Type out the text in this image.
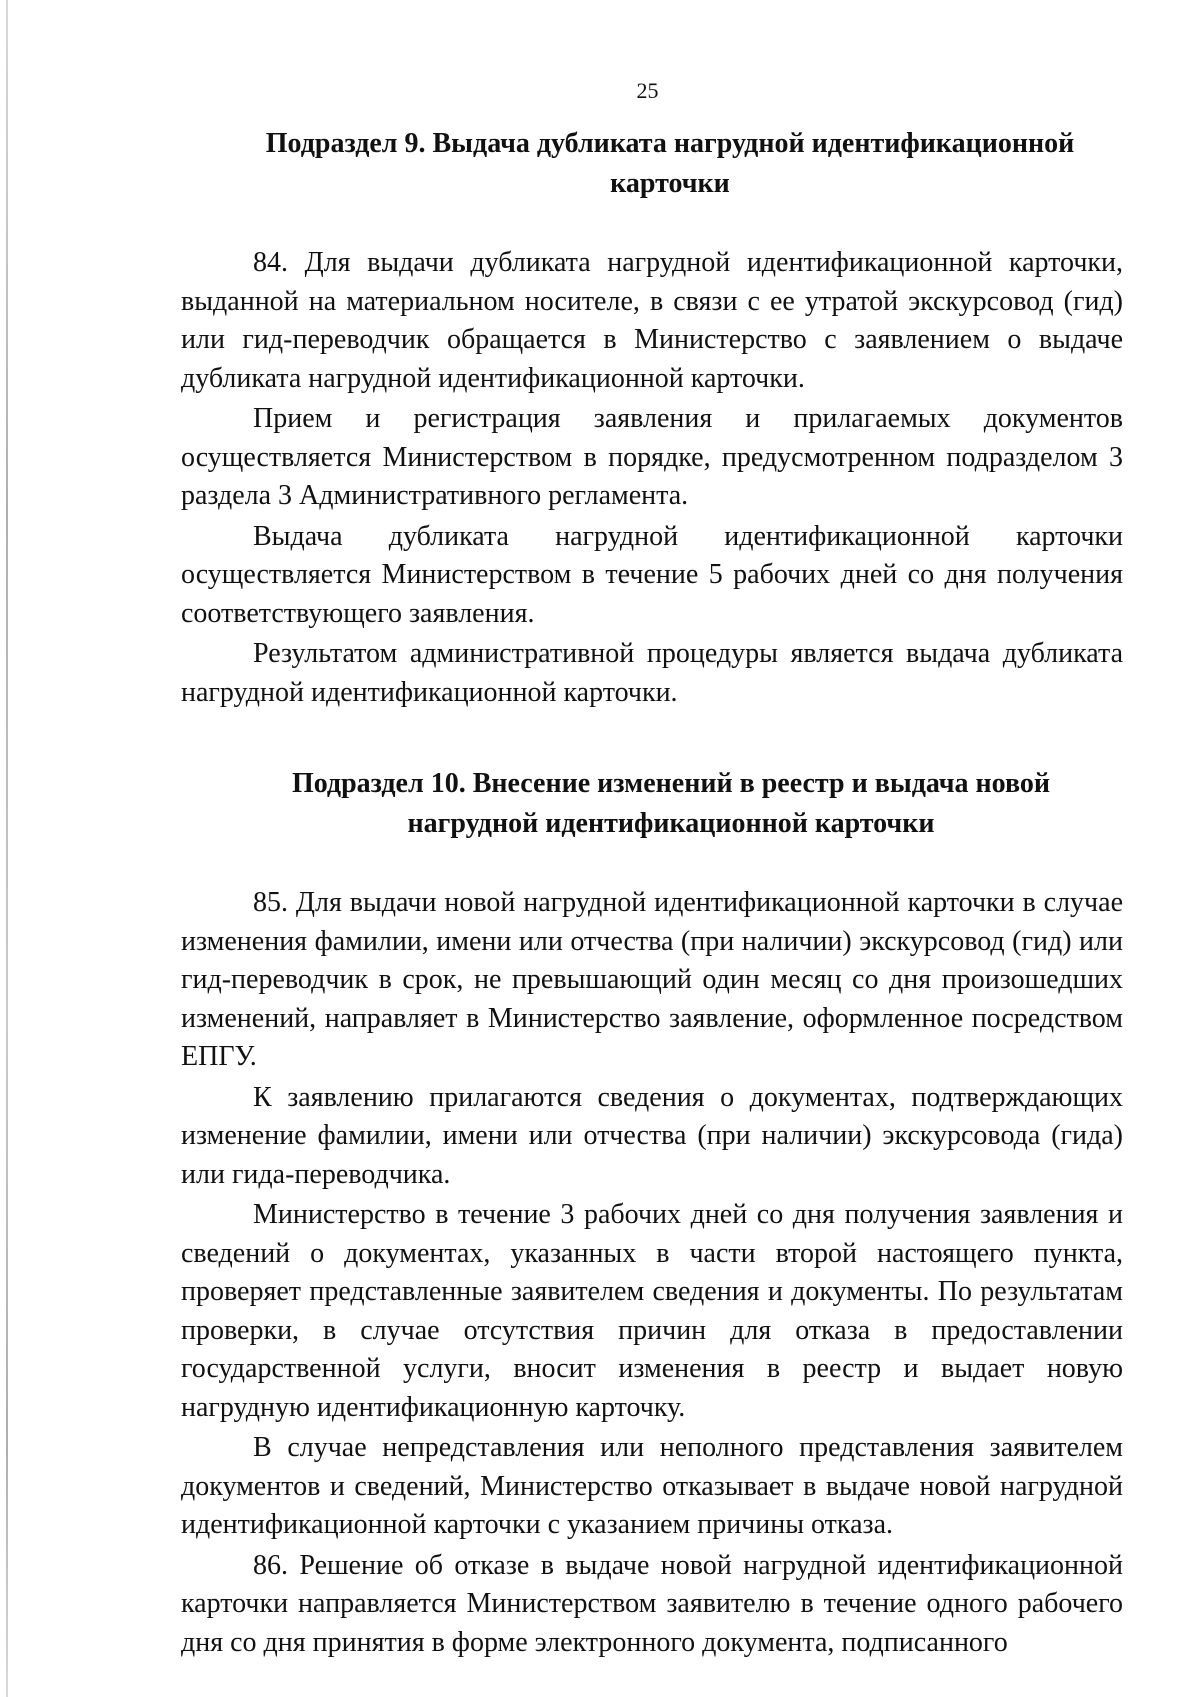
25
Подраздел 9. Выдача дубликата нагрудной идентификационной
карточки

84. Для выдачи дубликата нагрудной идентификационной карточки, выданной на материальном носителе, в связи с ее утратой экскурсовод (гид) или гид-переводчик обращается в Министерство с заявлением о выдаче дубликата нагрудной идентификационной карточки.

Прием и регистрация заявления и прилагаемых документов осуществляется Министерством в порядке, предусмотренном подразделом 3 раздела 3 Административного регламента.

Выдача дубликата нагрудной идентификационной карточки осуществляется Министерством в течение 5 рабочих дней со дня получения соответствующего заявления.

Результатом административной процедуры является выдача дубликата нагрудной идентификационной карточки.

Подраздел 10. Внесение изменений в реестр и выдача новой
нагрудной идентификационной карточки

85. Для выдачи новой нагрудной идентификационной карточки в случае изменения фамилии, имени или отчества (при наличии) экскурсовод (гид) или гид-переводчик в срок, не превышающий один месяц со дня произошедших изменений, направляет в Министерство заявление, оформленное посредством ЕПГУ.

К заявлению прилагаются сведения о документах, подтверждающих изменение фамилии, имени или отчества (при наличии) экскурсовода (гида) или гида-переводчика.

Министерство в течение 3 рабочих дней со дня получения заявления и сведений о документах, указанных в части второй настоящего пункта, проверяет представленные заявителем сведения и документы. По результатам проверки, в случае отсутствия причин для отказа в предоставлении государственной услуги, вносит изменения в реестр и выдает новую нагрудную идентификационную карточку.

В случае непредставления или неполного представления заявителем документов и сведений, Министерство отказывает в выдаче новой нагрудной идентификационной карточки с указанием причины отказа.

86. Решение об отказе в выдаче новой нагрудной идентификационной карточки направляется Министерством заявителю в течение одного рабочего дня со дня принятия в форме электронного документа, подписанного
